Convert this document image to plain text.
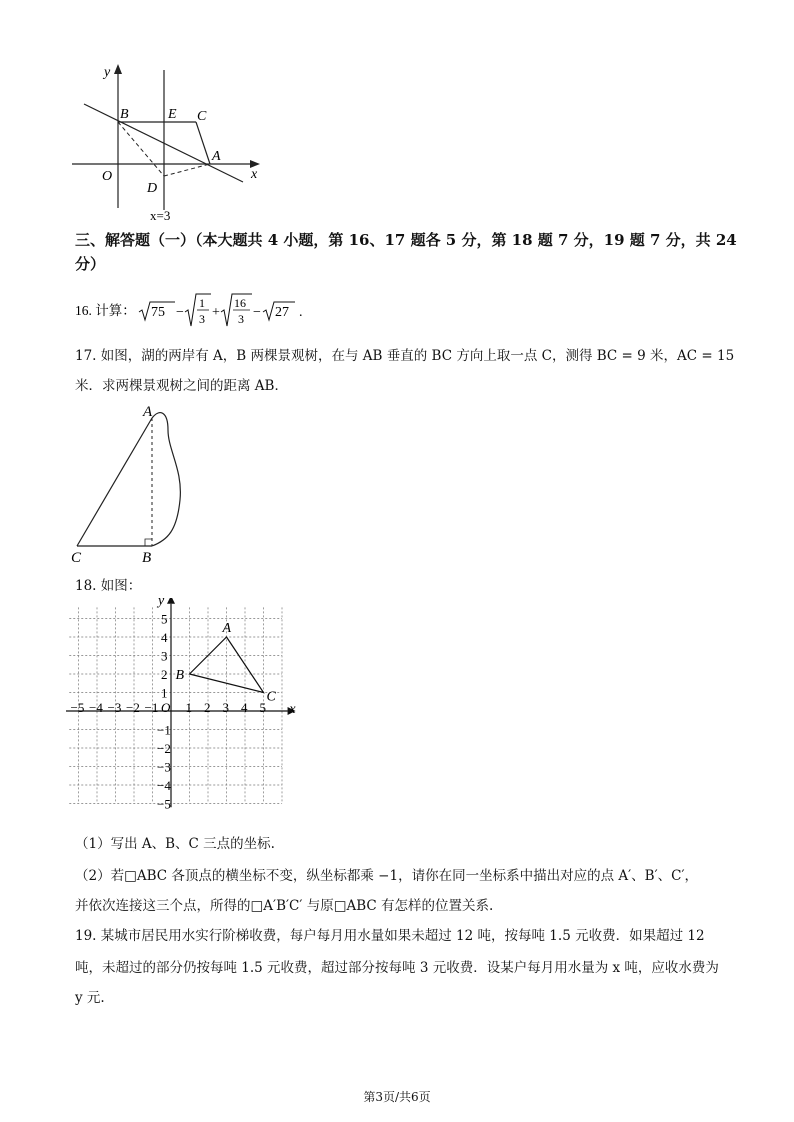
y
x
O
B	E C
A
D
x=3
三、解答题（一）（本大题共 4 小题，第 16、17 题各 5 分，第 18 题 7 分，19 题 7 分，共 24
分）
16. 计算： 75 −
1
3 +
16
3 − 27 .
17. 如图，湖的两岸有 A，B 两棵景观树，在与 AB 垂直的 BC 方向上取一点 C，测得 BC = 9 米，AC = 15
米．求两棵景观树之间的距离 AB．
A
B
C
18. 如图：
x
y
O
−5 −4 −3 −2 −1 1 2 3 4 5
5
4
3
2
1
−1
−2
−3
−4
−5
A
B
C
（1）写出 A、B、C 三点的坐标.
（2）若□ABC 各顶点的横坐标不变，纵坐标都乘 −1，请你在同一坐标系中描出对应的点 A′、B′、C′，
并依次连接这三个点，所得的□A′B′C′ 与原□ABC 有怎样的位置关系.
19. 某城市居民用水实行阶梯收费，每户每月用水量如果未超过 12 吨，按每吨 1.5 元收费．如果超过 12
吨，未超过的部分仍按每吨 1.5 元收费，超过部分按每吨 3 元收费．设某户每月用水量为 x 吨，应收水费为
y 元.
第3页/共6页
